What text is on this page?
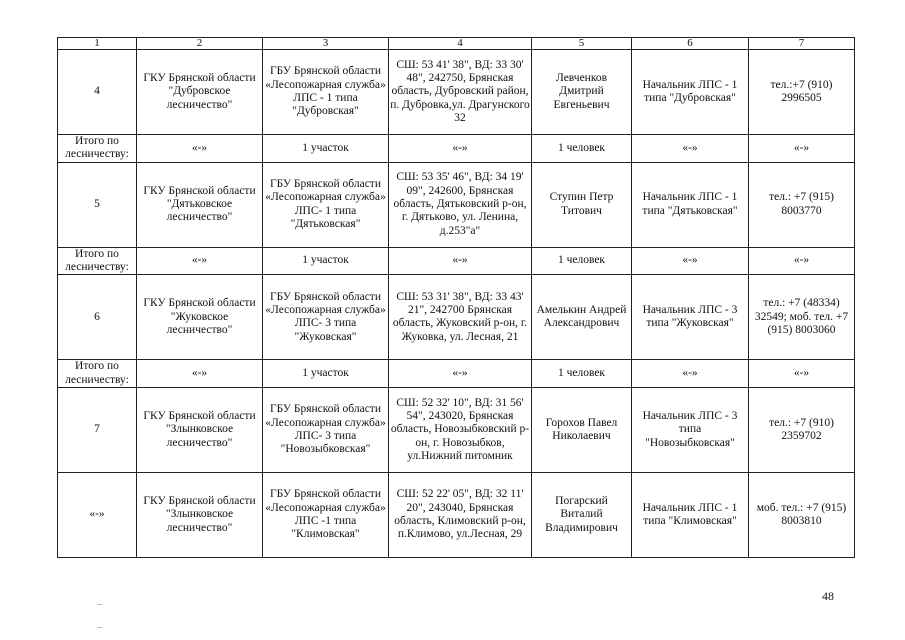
1	2	3	4	5	6	7
4	ГКУ Брянской области "Дубровское лесничество"	ГБУ Брянской области «Лесопожарная служба» ЛПС - 1 типа "Дубровская"	СШ: 53 41' 38", ВД: 33 30' 48", 242750, Брянская область, Дубровский район, п. Дубровка,ул. Драгунского 32	Левченков Дмитрий Евгеньевич	Начальник ЛПС - 1 типа "Дубровская"	тел.:+7 (910) 2996505
Итого по лесничеству:	«-»	1 участок	«-»	1 человек	«-»	«-»
5	ГКУ Брянской области "Дятьковское лесничество"	ГБУ Брянской области «Лесопожарная служба» ЛПС- 1 типа "Дятьковская"	СШ: 53 35' 46", ВД: 34 19' 09", 242600, Брянская область, Дятьковский р-он, г. Дятьково, ул. Ленина, д.253"а"	Ступин Петр Титович	Начальник ЛПС - 1 типа "Дятьковская"	тел.: +7 (915) 8003770
Итого по лесничеству:	«-»	1 участок	«-»	1 человек	«-»	«-»
6	ГКУ Брянской области "Жуковское лесничество"	ГБУ Брянской области «Лесопожарная служба» ЛПС- 3 типа "Жуковская"	СШ: 53 31' 38", ВД: 33 43' 21", 242700 Брянская область, Жуковский р-он, г. Жуковка, ул. Лесная, 21	Амелькин Андрей Александрович	Начальник ЛПС - 3 типа "Жуковская"	тел.: +7 (48334) 32549; моб. тел. +7 (915) 8003060
Итого по лесничеству:	«-»	1 участок	«-»	1 человек	«-»	«-»
7	ГКУ Брянской области "Злынковское лесничество"	ГБУ Брянской области «Лесопожарная служба» ЛПС- 3 типа "Новозыбковская"	СШ: 52 32' 10", ВД: 31 56' 54", 243020, Брянская область, Новозыбковский р-он, г. Новозыбков, ул.Нижний питомник	Горохов Павел Николаевич	Начальник ЛПС - 3 типа "Новозыбковская"	тел.: +7 (910) 2359702
«-»	ГКУ Брянской области "Злынковское лесничество"	ГБУ Брянской области «Лесопожарная служба» ЛПС -1 типа "Климовская"	СШ: 52 22' 05", ВД: 32 11' 20", 243040, Брянская область, Климовский р-он, п.Климово, ул.Лесная, 29	Погарский Виталий Владимирович	Начальник ЛПС - 1 типа "Климовская"	моб. тел.: +7 (915) 8003810
48
